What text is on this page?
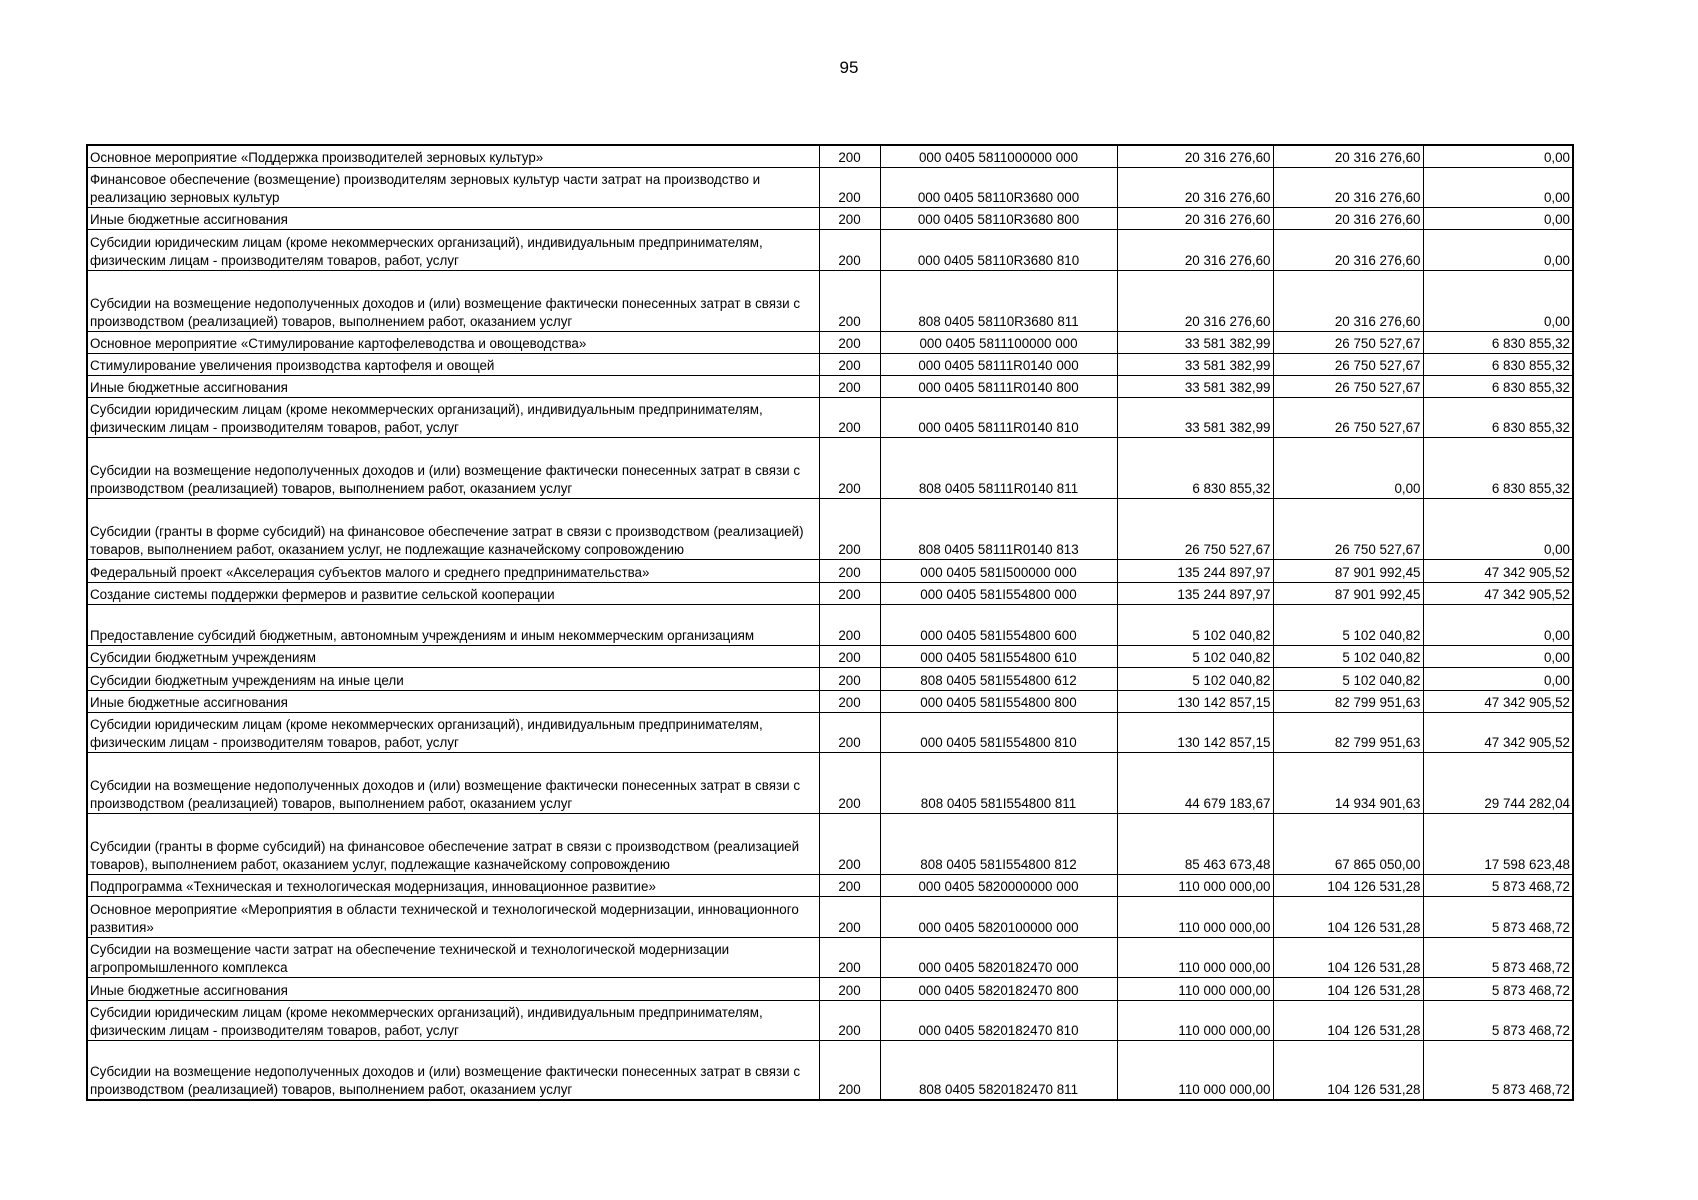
95
Основное мероприятие «Поддержка производителей зерновых культур»	200	000 0405 5811000000 000	20 316 276,60	20 316 276,60	0,00
Финансовое обеспечение (возмещение) производителям зерновых культур части затрат на производство и реализацию зерновых культур	200	000 0405 58110R3680 000	20 316 276,60	20 316 276,60	0,00
Иные бюджетные ассигнования	200	000 0405 58110R3680 800	20 316 276,60	20 316 276,60	0,00
Субсидии юридическим лицам (кроме некоммерческих организаций), индивидуальным предпринимателям, физическим лицам - производителям товаров, работ, услуг	200	000 0405 58110R3680 810	20 316 276,60	20 316 276,60	0,00
Субсидии на возмещение недополученных доходов и (или) возмещение фактически понесенных затрат в связи с производством (реализацией) товаров, выполнением работ, оказанием услуг	200	808 0405 58110R3680 811	20 316 276,60	20 316 276,60	0,00
Основное мероприятие «Стимулирование картофелеводства и овощеводства»	200	000 0405 5811100000 000	33 581 382,99	26 750 527,67	6 830 855,32
Стимулирование увеличения производства картофеля и овощей	200	000 0405 58111R0140 000	33 581 382,99	26 750 527,67	6 830 855,32
Иные бюджетные ассигнования	200	000 0405 58111R0140 800	33 581 382,99	26 750 527,67	6 830 855,32
Субсидии юридическим лицам (кроме некоммерческих организаций), индивидуальным предпринимателям, физическим лицам - производителям товаров, работ, услуг	200	000 0405 58111R0140 810	33 581 382,99	26 750 527,67	6 830 855,32
Субсидии на возмещение недополученных доходов и (или) возмещение фактически понесенных затрат в связи с производством (реализацией) товаров, выполнением работ, оказанием услуг	200	808 0405 58111R0140 811	6 830 855,32	0,00	6 830 855,32
Субсидии (гранты в форме субсидий) на финансовое обеспечение затрат в связи с производством (реализацией) товаров, выполнением работ, оказанием услуг, не подлежащие казначейскому сопровождению	200	808 0405 58111R0140 813	26 750 527,67	26 750 527,67	0,00
Федеральный проект «Акселерация субъектов малого и среднего предпринимательства»	200	000 0405 581I500000 000	135 244 897,97	87 901 992,45	47 342 905,52
Создание системы поддержки фермеров и развитие сельской кооперации	200	000 0405 581I554800 000	135 244 897,97	87 901 992,45	47 342 905,52
Предоставление субсидий бюджетным, автономным учреждениям и иным некоммерческим организациям	200	000 0405 581I554800 600	5 102 040,82	5 102 040,82	0,00
Субсидии бюджетным учреждениям	200	000 0405 581I554800 610	5 102 040,82	5 102 040,82	0,00
Субсидии бюджетным учреждениям на иные цели	200	808 0405 581I554800 612	5 102 040,82	5 102 040,82	0,00
Иные бюджетные ассигнования	200	000 0405 581I554800 800	130 142 857,15	82 799 951,63	47 342 905,52
Субсидии юридическим лицам (кроме некоммерческих организаций), индивидуальным предпринимателям, физическим лицам - производителям товаров, работ, услуг	200	000 0405 581I554800 810	130 142 857,15	82 799 951,63	47 342 905,52
Субсидии на возмещение недополученных доходов и (или) возмещение фактически понесенных затрат в связи с производством (реализацией) товаров, выполнением работ, оказанием услуг	200	808 0405 581I554800 811	44 679 183,67	14 934 901,63	29 744 282,04
Субсидии (гранты в форме субсидий) на финансовое обеспечение затрат в связи с производством (реализацией товаров), выполнением работ, оказанием услуг, подлежащие казначейскому сопровождению	200	808 0405 581I554800 812	85 463 673,48	67 865 050,00	17 598 623,48
Подпрограмма «Техническая и технологическая модернизация, инновационное развитие»	200	000 0405 5820000000 000	110 000 000,00	104 126 531,28	5 873 468,72
Основное мероприятие «Мероприятия в области технической и технологической модернизации, инновационного развития»	200	000 0405 5820100000 000	110 000 000,00	104 126 531,28	5 873 468,72
Субсидии на возмещение части затрат на обеспечение технической и технологической модернизации агропромышленного комплекса	200	000 0405 5820182470 000	110 000 000,00	104 126 531,28	5 873 468,72
Иные бюджетные ассигнования	200	000 0405 5820182470 800	110 000 000,00	104 126 531,28	5 873 468,72
Субсидии юридическим лицам (кроме некоммерческих организаций), индивидуальным предпринимателям, физическим лицам - производителям товаров, работ, услуг	200	000 0405 5820182470 810	110 000 000,00	104 126 531,28	5 873 468,72
Субсидии на возмещение недополученных доходов и (или) возмещение фактически понесенных затрат в связи с производством (реализацией) товаров, выполнением работ, оказанием услуг	200	808 0405 5820182470 811	110 000 000,00	104 126 531,28	5 873 468,72
